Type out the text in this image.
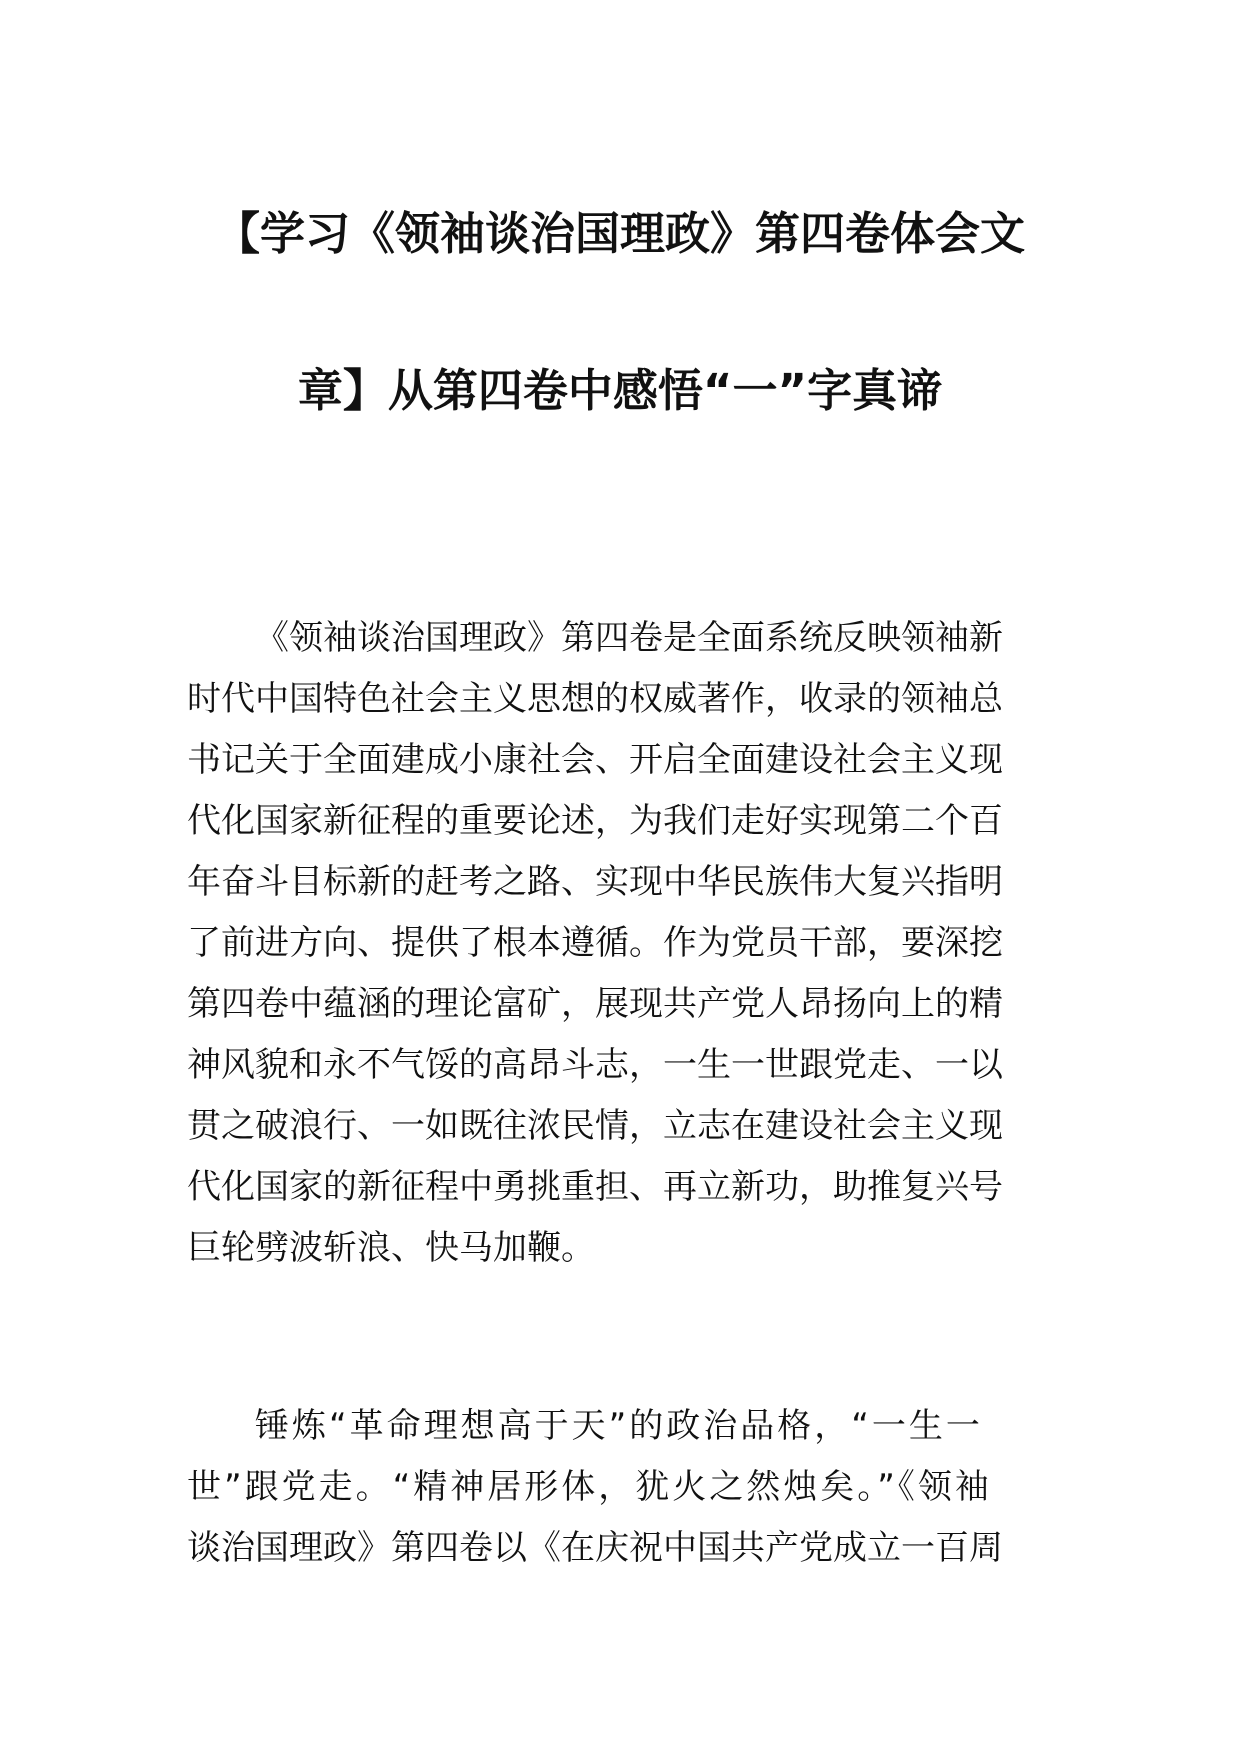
【学习《领袖谈治国理政》第四卷体会文
章】从第四卷中感悟“一”字真谛
《领袖谈治国理政》第四卷是全面系统反映领袖新
时代中国特色社会主义思想的权威著作，收录的领袖总
书记关于全面建成小康社会、开启全面建设社会主义现
代化国家新征程的重要论述，为我们走好实现第二个百
年奋斗目标新的赶考之路、实现中华民族伟大复兴指明
了前进方向、提供了根本遵循。作为党员干部，要深挖
第四卷中蕴涵的理论富矿，展现共产党人昂扬向上的精
神风貌和永不气馁的高昂斗志，一生一世跟党走、一以
贯之破浪行、一如既往浓民情，立志在建设社会主义现
代化国家的新征程中勇挑重担、再立新功，助推复兴号
巨轮劈波斩浪、快马加鞭。
锤炼“革命理想高于天”的政治品格，“一生一
世”跟党走。“精神居形体，犹火之然烛矣。”《领袖
谈治国理政》第四卷以《在庆祝中国共产党成立一百周
